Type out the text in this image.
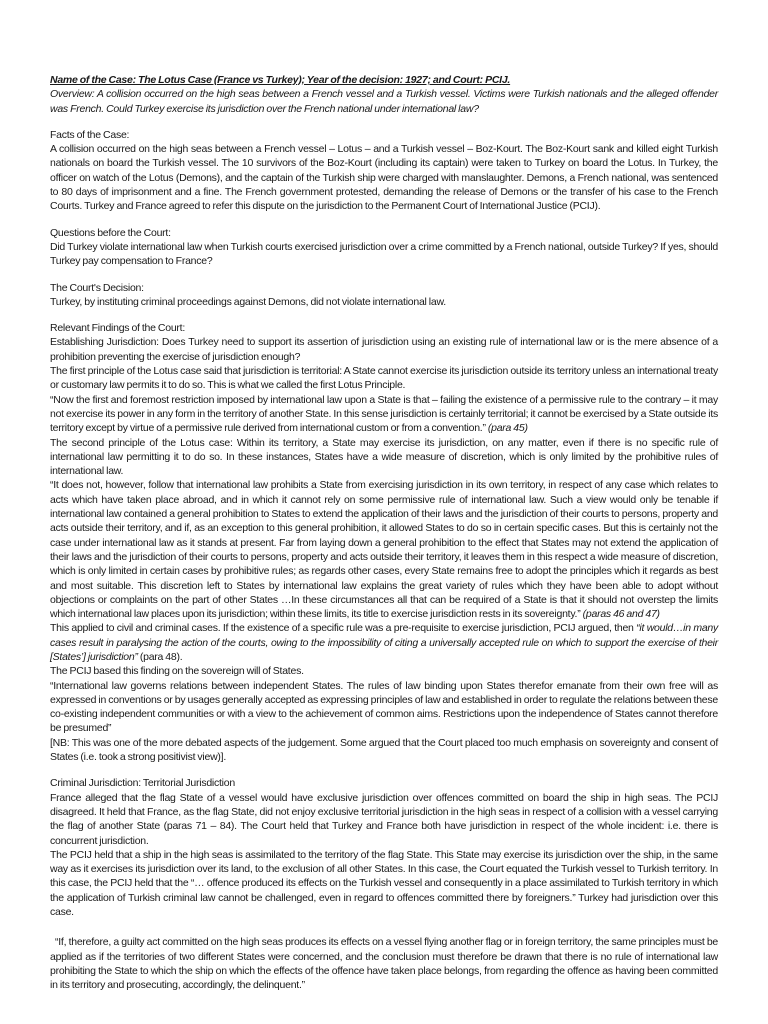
Name of the Case: The Lotus Case (France vs Turkey); Year of the decision: 1927; and Court: PCIJ.

Overview: A collision occurred on the high seas between a French vessel and a Turkish vessel. Victims were Turkish nationals and the alleged offender was French. Could Turkey exercise its jurisdiction over the French national under international law?

Facts of the Case:

A collision occurred on the high seas between a French vessel – Lotus – and a Turkish vessel – Boz-Kourt. The Boz-Kourt sank and killed eight Turkish nationals on board the Turkish vessel. The 10 survivors of the Boz-Kourt (including its captain) were taken to Turkey on board the Lotus. In Turkey, the officer on watch of the Lotus (Demons), and the captain of the Turkish ship were charged with manslaughter. Demons, a French national, was sentenced to 80 days of imprisonment and a fine. The French government protested, demanding the release of Demons or the transfer of his case to the French Courts. Turkey and France agreed to refer this dispute on the jurisdiction to the Permanent Court of International Justice (PCIJ).

Questions before the Court:

Did Turkey violate international law when Turkish courts exercised jurisdiction over a crime committed by a French national, outside Turkey? If yes, should Turkey pay compensation to France?

The Court's Decision:

Turkey, by instituting criminal proceedings against Demons, did not violate international law.

Relevant Findings of the Court:

Establishing Jurisdiction: Does Turkey need to support its assertion of jurisdiction using an existing rule of international law or is the mere absence of a prohibition preventing the exercise of jurisdiction enough?

The first principle of the Lotus case said that jurisdiction is territorial: A State cannot exercise its jurisdiction outside its territory unless an international treaty or customary law permits it to do so. This is what we called the first Lotus Principle.

“Now the first and foremost restriction imposed by international law upon a State is that – failing the existence of a permissive rule to the contrary – it may not exercise its power in any form in the territory of another State. In this sense jurisdiction is certainly territorial; it cannot be exercised by a State outside its territory except by virtue of a permissive rule derived from international custom or from a convention.” (para 45)

The second principle of the Lotus case: Within its territory, a State may exercise its jurisdiction, on any matter, even if there is no specific rule of international law permitting it to do so. In these instances, States have a wide measure of discretion, which is only limited by the prohibitive rules of international law.

“It does not, however, follow that international law prohibits a State from exercising jurisdiction in its own territory, in respect of any case which relates to acts which have taken place abroad, and in which it cannot rely on some permissive rule of international law. Such a view would only be tenable if international law contained a general prohibition to States to extend the application of their laws and the jurisdiction of their courts to persons, property and acts outside their territory, and if, as an exception to this general prohibition, it allowed States to do so in certain specific cases. But this is certainly not the case under international law as it stands at present. Far from laying down a general prohibition to the effect that States may not extend the application of their laws and the jurisdiction of their courts to persons, property and acts outside their territory, it leaves them in this respect a wide measure of discretion, which is only limited in certain cases by prohibitive rules; as regards other cases, every State remains free to adopt the principles which it regards as best and most suitable. This discretion left to States by international law explains the great variety of rules which they have been able to adopt without objections or complaints on the part of other States …In these circumstances all that can be required of a State is that it should not overstep the limits which international law places upon its jurisdiction; within these limits, its title to exercise jurisdiction rests in its sovereignty.” (paras 46 and 47)

This applied to civil and criminal cases. If the existence of a specific rule was a pre-requisite to exercise jurisdiction, PCIJ argued, then “it would…in many cases result in paralysing the action of the courts, owing to the impossibility of citing a universally accepted rule on which to support the exercise of their [States’] jurisdiction” (para 48).

The PCIJ based this finding on the sovereign will of States.

“International law governs relations between independent States. The rules of law binding upon States therefor emanate from their own free will as expressed in conventions or by usages generally accepted as expressing principles of law and established in order to regulate the relations between these co-existing independent communities or with a view to the achievement of common aims. Restrictions upon the independence of States cannot therefore be presumed”

[NB: This was one of the more debated aspects of the judgement. Some argued that the Court placed too much emphasis on sovereignty and consent of States (i.e. took a strong positivist view)].

Criminal Jurisdiction: Territorial Jurisdiction

France alleged that the flag State of a vessel would have exclusive jurisdiction over offences committed on board the ship in high seas. The PCIJ disagreed. It held that France, as the flag State, did not enjoy exclusive territorial jurisdiction in the high seas in respect of a collision with a vessel carrying the flag of another State (paras 71 – 84). The Court held that Turkey and France both have jurisdiction in respect of the whole incident: i.e. there is concurrent jurisdiction.

The PCIJ held that a ship in the high seas is assimilated to the territory of the flag State. This State may exercise its jurisdiction over the ship, in the same way as it exercises its jurisdiction over its land, to the exclusion of all other States. In this case, the Court equated the Turkish vessel to Turkish territory. In this case, the PCIJ held that the “… offence produced its effects on the Turkish vessel and consequently in a place assimilated to Turkish territory in which the application of Turkish criminal law cannot be challenged, even in regard to offences committed there by foreigners.” Turkey had jurisdiction over this case.

“If, therefore, a guilty act committed on the high seas produces its effects on a vessel flying another flag or in foreign territory, the same principles must be applied as if the territories of two different States were concerned, and the conclusion must therefore be drawn that there is no rule of international law prohibiting the State to which the ship on which the effects of the offence have taken place belongs, from regarding the offence as having been committed in its territory and prosecuting, accordingly, the delinquent.”
